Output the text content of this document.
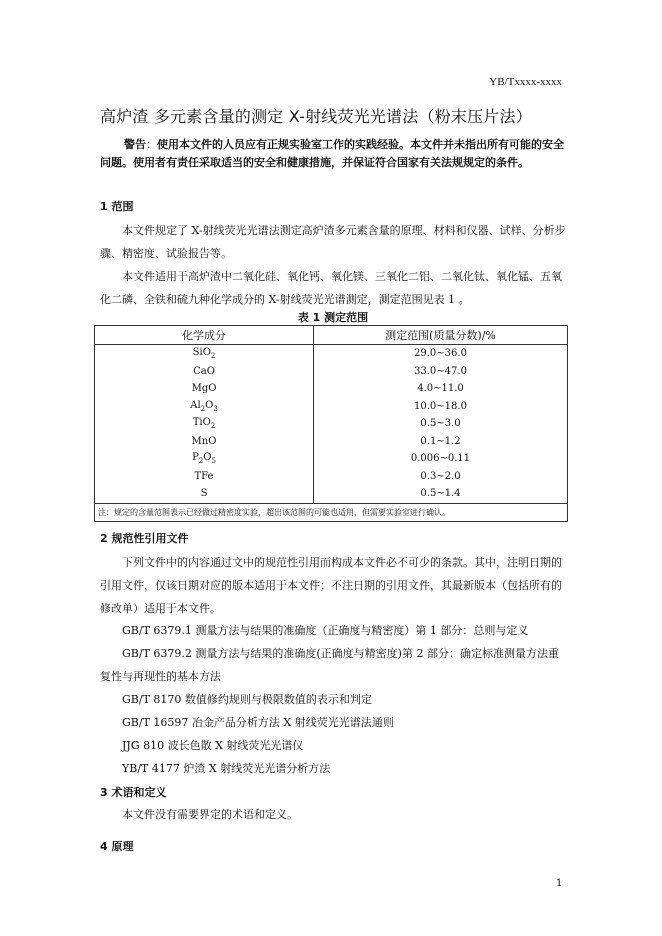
YB/Txxxx-xxxx
高炉渣 多元素含量的测定 X-射线荧光光谱法（粉末压片法）
警告：使用本文件的人员应有正规实验室工作的实践经验。本文件并未指出所有可能的安全问题。使用者有责任采取适当的安全和健康措施，并保证符合国家有关法规规定的条件。
1 范围
本文件规定了 X-射线荧光光谱法测定高炉渣多元素含量的原理、材料和仪器、试样、分析步骤、精密度、试验报告等。
本文件适用于高炉渣中二氧化硅、氧化钙、氧化镁、三氧化二铝、二氧化钛、氧化锰、五氧化二磷、全铁和硫九种化学成分的 X-射线荧光光谱测定，测定范围见表 1 。
表 1 测定范围
化学成分	测定范围(质量分数)/%
SiO$_2$	29.0~36.0
CaO	33.0~47.0
MgO	4.0~11.0
$Al_2O_3$	10.0~18.0
TiO$_2$	0.5~3.0
MnO	0.1~1.2
$P_2O_5$	0.006~0.11
TFe	0.3~2.0
S	0.5~1.4
注：规定的含量范围表示已经做过精密度实验，超出该范围的可能也适用，但需要实验室进行确认。	
2 规范性引用文件
下列文件中的内容通过文中的规范性引用而构成本文件必不可少的条款。其中，注明日期的引用文件，仅该日期对应的版本适用于本文件；不注日期的引用文件，其最新版本（包括所有的修改单）适用于本文件。
GB/T 6379.1 测量方法与结果的准确度（正确度与精密度）第 1 部分：总则与定义
GB/T 6379.2 测量方法与结果的准确度(正确度与精密度)第 2 部分：确定标准测量方法重复性与再现性的基本方法
GB/T 8170 数值修约规则与极限数值的表示和判定
GB/T 16597 冶金产品分析方法 X 射线荧光光谱法通则
JJG 810 波长色散 X 射线荧光光谱仪
YB/T 4177 炉渣 X 射线荧光光谱分析方法
3 术语和定义
本文件没有需要界定的术语和定义。
4 原理
1
